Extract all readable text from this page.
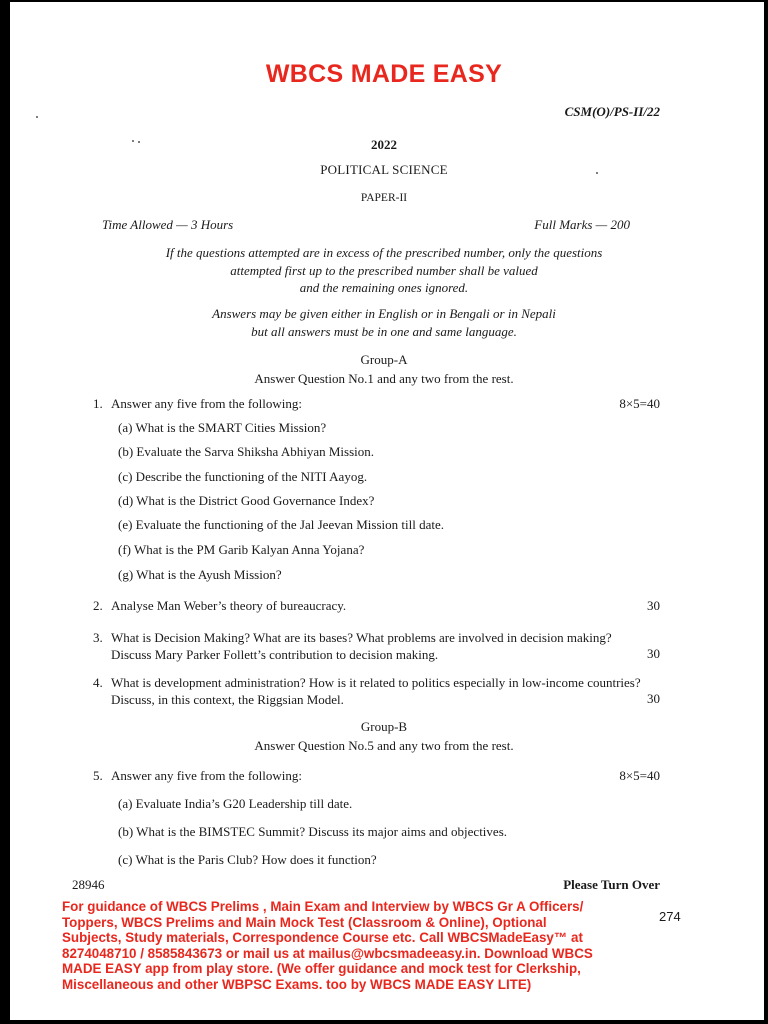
WBCS MADE EASY
CSM(O)/PS-II/22
2022
POLITICAL SCIENCE
PAPER-II
Time Allowed — 3 Hours	Full Marks — 200
If the questions attempted are in excess of the prescribed number, only the questions
attempted first up to the prescribed number shall be valued
and the remaining ones ignored.
Answers may be given either in English or in Bengali or in Nepali
but all answers must be in one and same language.
Group-A
Answer Question No.1 and any two from the rest.
1. Answer any five from the following:	8×5=40
(a) What is the SMART Cities Mission?
(b) Evaluate the Sarva Shiksha Abhiyan Mission.
(c) Describe the functioning of the NITI Aayog.
(d) What is the District Good Governance Index?
(e) Evaluate the functioning of the Jal Jeevan Mission till date.
(f) What is the PM Garib Kalyan Anna Yojana?
(g) What is the Ayush Mission?
2. Analyse Man Weber’s theory of bureaucracy.	30
3. What is Decision Making? What are its bases? What problems are involved in decision making?
Discuss Mary Parker Follett’s contribution to decision making.	30
4. What is development administration? How is it related to politics especially in low-income countries?
Discuss, in this context, the Riggsian Model.	30
Group-B
Answer Question No.5 and any two from the rest.
5. Answer any five from the following:	8×5=40
(a) Evaluate India’s G20 Leadership till date.
(b) What is the BIMSTEC Summit? Discuss its major aims and objectives.
(c) What is the Paris Club? How does it function?
28946	Please Turn Over
For guidance of WBCS Prelims , Main Exam and Interview by WBCS Gr A Officers/
Toppers, WBCS Prelims and Main Mock Test (Classroom & Online), Optional
Subjects, Study materials, Correspondence Course etc. Call WBCSMadeEasy™ at
8274048710 / 8585843673 or mail us at mailus@wbcsmadeeasy.in. Download WBCS
MADE EASY app from play store. (We offer guidance and mock test for Clerkship,
Miscellaneous and other WBPSC Exams. too by WBCS MADE EASY LITE)
274
